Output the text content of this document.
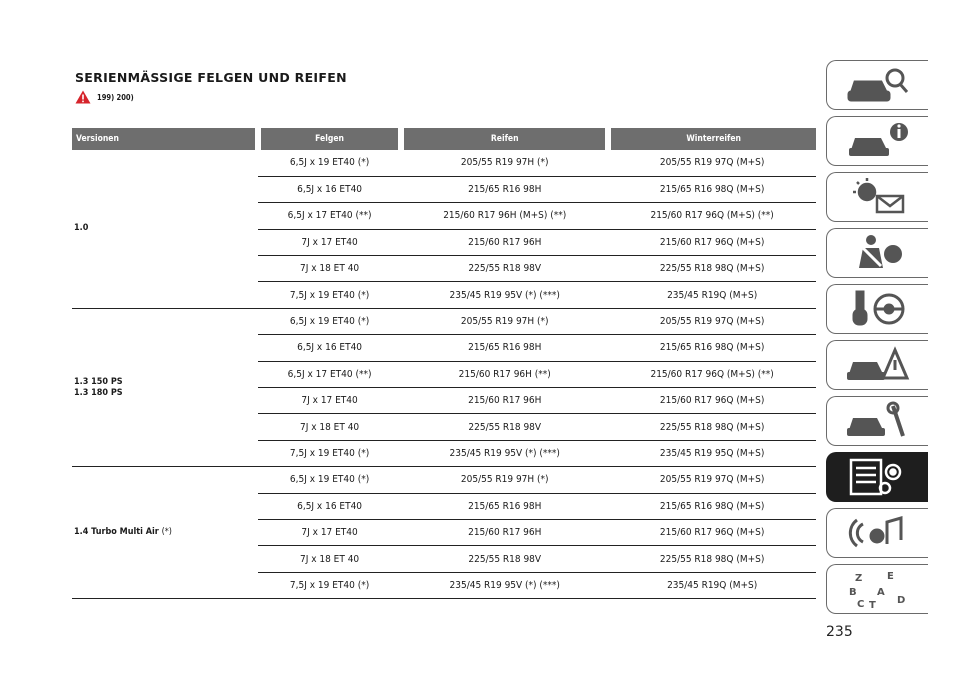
SERIENMÄSSIGE FELGEN UND REIFEN
199) 200)
Versionen	Felgen	Reifen	Winterreifen
1.0	6,5J x 19 ET40 (*)	205/55 R19 97H (*)	205/55 R19 97Q (M+S)
	6,5J x 16 ET40	215/65 R16 98H	215/65 R16 98Q (M+S)
	6,5J x 17 ET40 (**)	215/60 R17 96H (M+S) (**)	215/60 R17 96Q (M+S) (**)
	7J x 17 ET40	215/60 R17 96H	215/60 R17 96Q (M+S)
	7J x 18 ET 40	225/55 R18 98V	225/55 R18 98Q (M+S)
	7,5J x 19 ET40 (*)	235/45 R19 95V (*) (***)	235/45 R19Q (M+S)
1.3 150 PS
1.3 180 PS	6,5J x 19 ET40 (*)	205/55 R19 97H (*)	205/55 R19 97Q (M+S)
	6,5J x 16 ET40	215/65 R16 98H	215/65 R16 98Q (M+S)
	6,5J x 17 ET40 (**)	215/60 R17 96H (**)	215/60 R17 96Q (M+S) (**)
	7J x 17 ET40	215/60 R17 96H	215/60 R17 96Q (M+S)
	7J x 18 ET 40	225/55 R18 98V	225/55 R18 98Q (M+S)
	7,5J x 19 ET40 (*)	235/45 R19 95V (*) (***)	235/45 R19 95Q (M+S)
1.4 Turbo Multi Air (*)	6,5J x 19 ET40 (*)	205/55 R19 97H (*)	205/55 R19 97Q (M+S)
	6,5J x 16 ET40	215/65 R16 98H	215/65 R16 98Q (M+S)
	7J x 17 ET40	215/60 R17 96H	215/60 R17 96Q (M+S)
	7J x 18 ET 40	225/55 R18 98V	225/55 R18 98Q (M+S)
	7,5J x 19 ET40 (*)	235/45 R19 95V (*) (***)	235/45 R19Q (M+S)
Z E
B A
C	D
T
235
